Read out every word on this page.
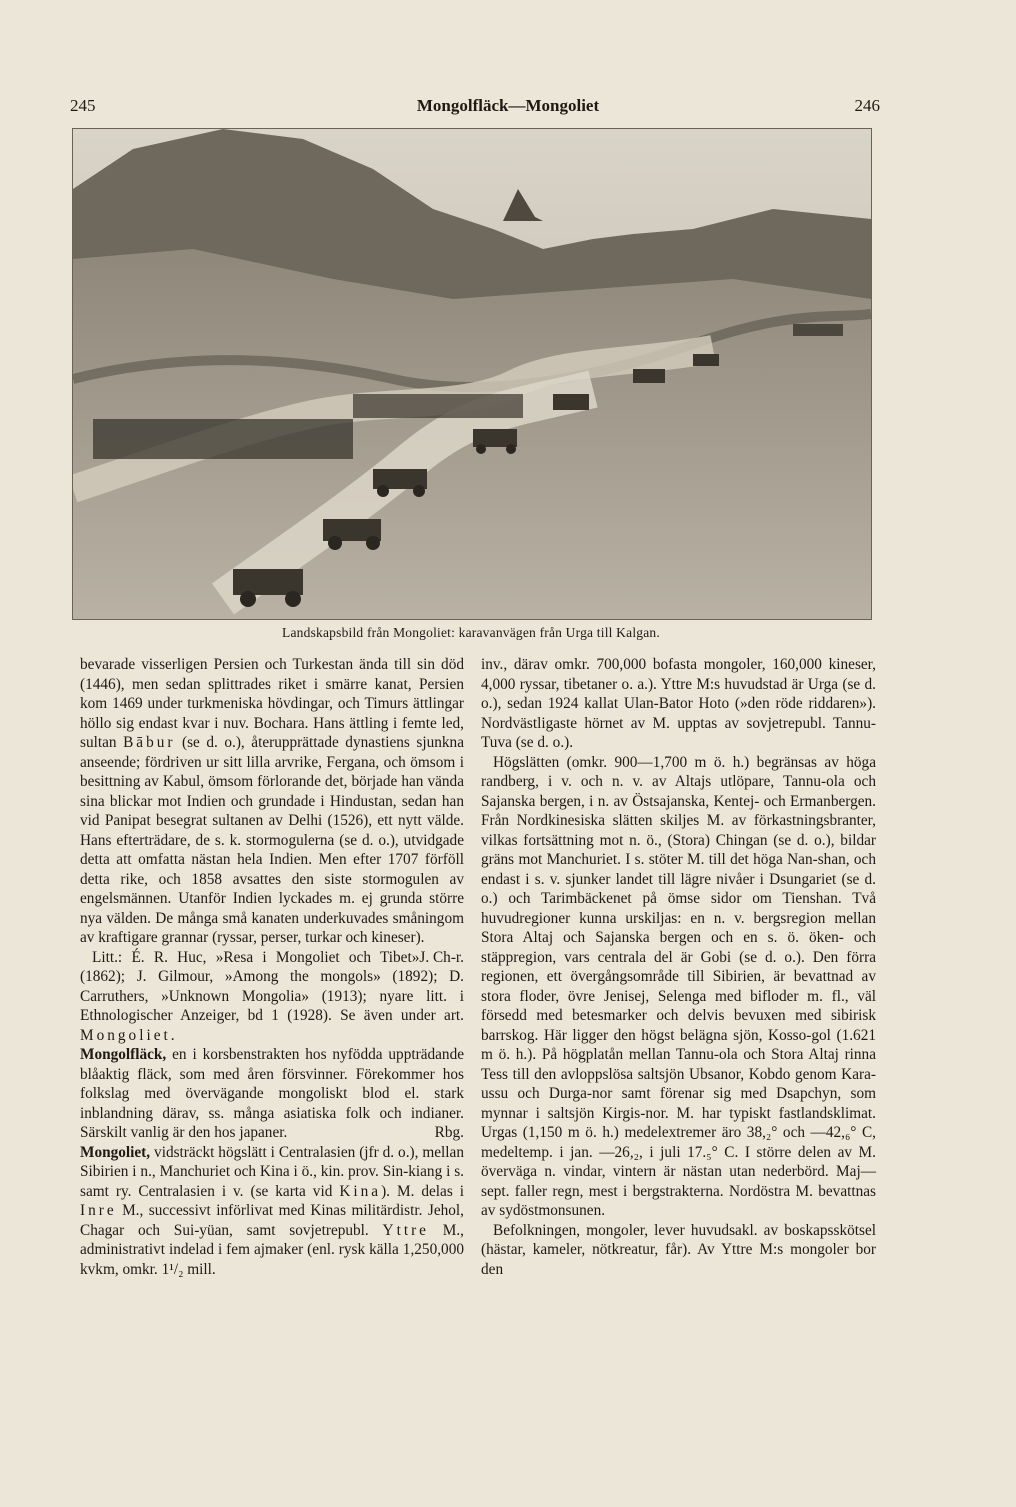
245	Mongolfläck—Mongoliet	246
Landskapsbild från Mongoliet: karavanvägen från Urga till Kalgan.

bevarade visserligen Persien och Turkestan ända till sin död (1446), men sedan splittrades riket i smärre kanat, Persien kom 1469 under turkmeniska hövdingar, och Timurs ättlingar höllo sig endast kvar i nuv. Bochara. Hans ättling i femte led, sultan Bābur (se d. o.), återupprättade dynastiens sjunkna anseende; fördriven ur sitt lilla arvrike, Fergana, och ömsom i besittning av Kabul, ömsom förlorande det, började han vända sina blickar mot Indien och grundade i Hindustan, sedan han vid Panipat besegrat sultanen av Delhi (1526), ett nytt välde. Hans efterträdare, de s. k. stormogulerna (se d. o.), utvidgade detta att omfatta nästan hela Indien. Men efter 1707 förföll detta rike, och 1858 avsattes den siste stormogulen av engelsmännen. Utanför Indien lyckades m. ej grunda större nya välden. De många små kanaten underkuvades småningom av kraftigare grannar (ryssar, perser, turkar och kineser).
J. Ch-r.

Litt.: É. R. Huc, »Resa i Mongoliet och Tibet» (1862); J. Gilmour, »Among the mongols» (1892); D. Carruthers, »Unknown Mongolia» (1913); nyare litt. i Ethnologischer Anzeiger, bd 1 (1928). Se även under art. Mongoliet.

Mongolfläck, en i korsbenstrakten hos nyfödda uppträdande blåaktig fläck, som med åren försvinner. Förekommer hos folkslag med övervägande mongoliskt blod el. stark inblandning därav, ss. många asiatiska folk och indianer. Särskilt vanlig är den hos japaner.	Rbg.

Mongoliet, vidsträckt högslätt i Centralasien (jfr d. o.), mellan Sibirien i n., Manchuriet och Kina i ö., kin. prov. Sin-kiang i s. samt ry. Centralasien i v. (se karta vid Kina). M. delas i Inre M., successivt införlivat med Kinas militärdistr. Jehol, Chagar och Sui-yüan, samt sovjetrepubl. Yttre M., administrativt indelad i fem ajmaker (enl. rysk källa 1,250,000 kvkm, omkr. 1¹/₂ mill.

inv., därav omkr. 700,000 bofasta mongoler, 160,000 kineser, 4,000 ryssar, tibetaner o. a.). Yttre M:s huvudstad är Urga (se d. o.), sedan 1924 kallat Ulan-Bator Hoto (»den röde riddaren»). Nordvästligaste hörnet av M. upptas av sovjetrepubl. Tannu-Tuva (se d. o.).

Högslätten (omkr. 900—1,700 m ö. h.) begränsas av höga randberg, i v. och n. v. av Altajs utlöpare, Tannu-ola och Sajanska bergen, i n. av Östsajanska, Kentej- och Ermanbergen. Från Nordkinesiska slätten skiljes M. av förkastningsbranter, vilkas fortsättning mot n. ö., (Stora) Chingan (se d. o.), bildar gräns mot Manchuriet. I s. stöter M. till det höga Nan-shan, och endast i s. v. sjunker landet till lägre nivåer i Dsungariet (se d. o.) och Tarimbäckenet på ömse sidor om Tienshan. Två huvudregioner kunna urskiljas: en n. v. bergsregion mellan Stora Altaj och Sajanska bergen och en s. ö. öken- och stäppregion, vars centrala del är Gobi (se d. o.). Den förra regionen, ett övergångsområde till Sibirien, är bevattnad av stora floder, övre Jenisej, Selenga med bifloder m. fl., väl försedd med betesmarker och delvis bevuxen med sibirisk barrskog. Här ligger den högst belägna sjön, Kosso-gol (1.621 m ö. h.). På högplatån mellan Tannu-ola och Stora Altaj rinna Tess till den avloppslösa saltsjön Ubsanor, Kobdo genom Kara-ussu och Durga-nor samt förenar sig med Dsapchyn, som mynnar i saltsjön Kirgis-nor. M. har typiskt fastlandsklimat. Urgas (1,150 m ö. h.) medelextremer äro 38,₂° och —42,₆° C, medeltemp. i jan. —26,₂, i juli 17.₅° C. I större delen av M. överväga n. vindar, vintern är nästan utan nederbörd. Maj—sept. faller regn, mest i bergstrakterna. Nordöstra M. bevattnas av sydöstmonsunen.

Befolkningen, mongoler, lever huvudsakl. av boskapsskötsel (hästar, kameler, nötkreatur, får). Av Yttre M:s mongoler bor den
